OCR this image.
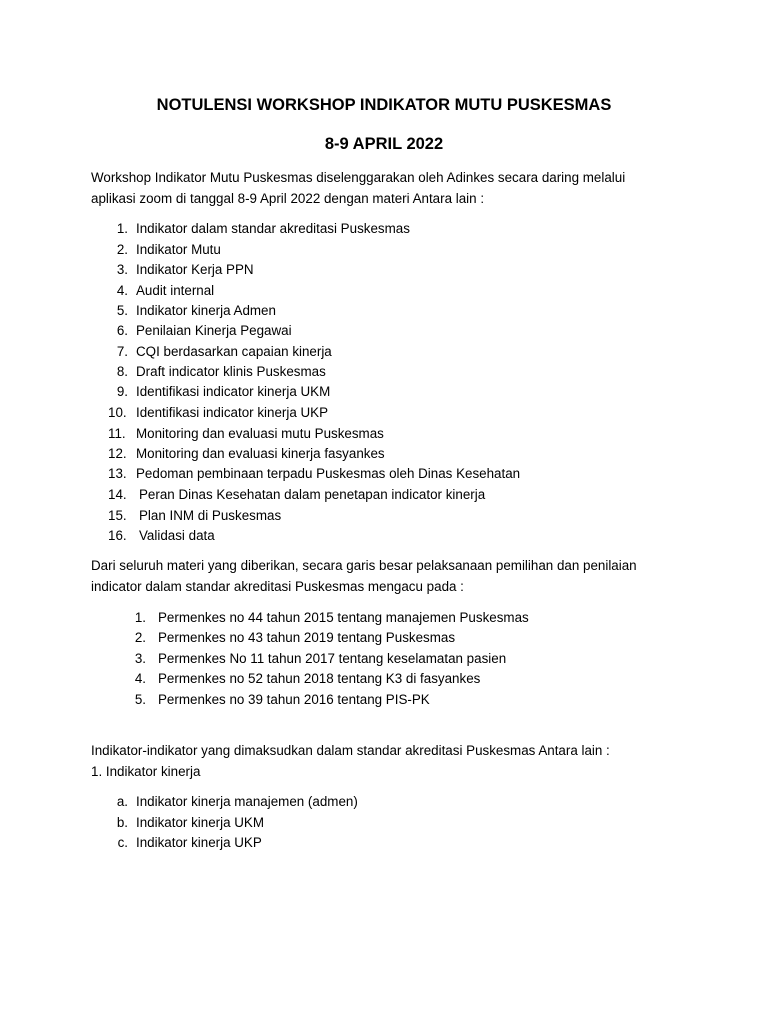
NOTULENSI WORKSHOP INDIKATOR MUTU PUSKESMAS
8-9 APRIL 2022
Workshop Indikator Mutu Puskesmas diselenggarakan oleh Adinkes secara daring melalui
aplikasi zoom di tanggal 8-9 April 2022 dengan materi Antara lain :
1. Indikator dalam standar akreditasi Puskesmas
2. Indikator Mutu
3. Indikator Kerja PPN
4. Audit internal
5. Indikator kinerja Admen
6. Penilaian Kinerja Pegawai
7. CQI berdasarkan capaian kinerja
8. Draft indicator klinis Puskesmas
9. Identifikasi indicator kinerja UKM
10. Identifikasi indicator kinerja UKP
11. Monitoring dan evaluasi mutu Puskesmas
12. Monitoring dan evaluasi kinerja fasyankes
13. Pedoman pembinaan terpadu Puskesmas oleh Dinas Kesehatan
14. Peran Dinas Kesehatan dalam penetapan indicator kinerja
15. Plan INM di Puskesmas
16. Validasi data
Dari seluruh materi yang diberikan, secara garis besar pelaksanaan pemilihan dan penilaian
indicator dalam standar akreditasi Puskesmas mengacu pada :
1. Permenkes no 44 tahun 2015 tentang manajemen Puskesmas
2. Permenkes no 43 tahun 2019 tentang Puskesmas
3. Permenkes No 11 tahun 2017 tentang keselamatan pasien
4. Permenkes no 52 tahun 2018 tentang K3 di fasyankes
5. Permenkes no 39 tahun 2016 tentang PIS-PK
Indikator-indikator yang dimaksudkan dalam standar akreditasi Puskesmas Antara lain :
1. Indikator kinerja
a. Indikator kinerja manajemen (admen)
b. Indikator kinerja UKM
c. Indikator kinerja UKP
